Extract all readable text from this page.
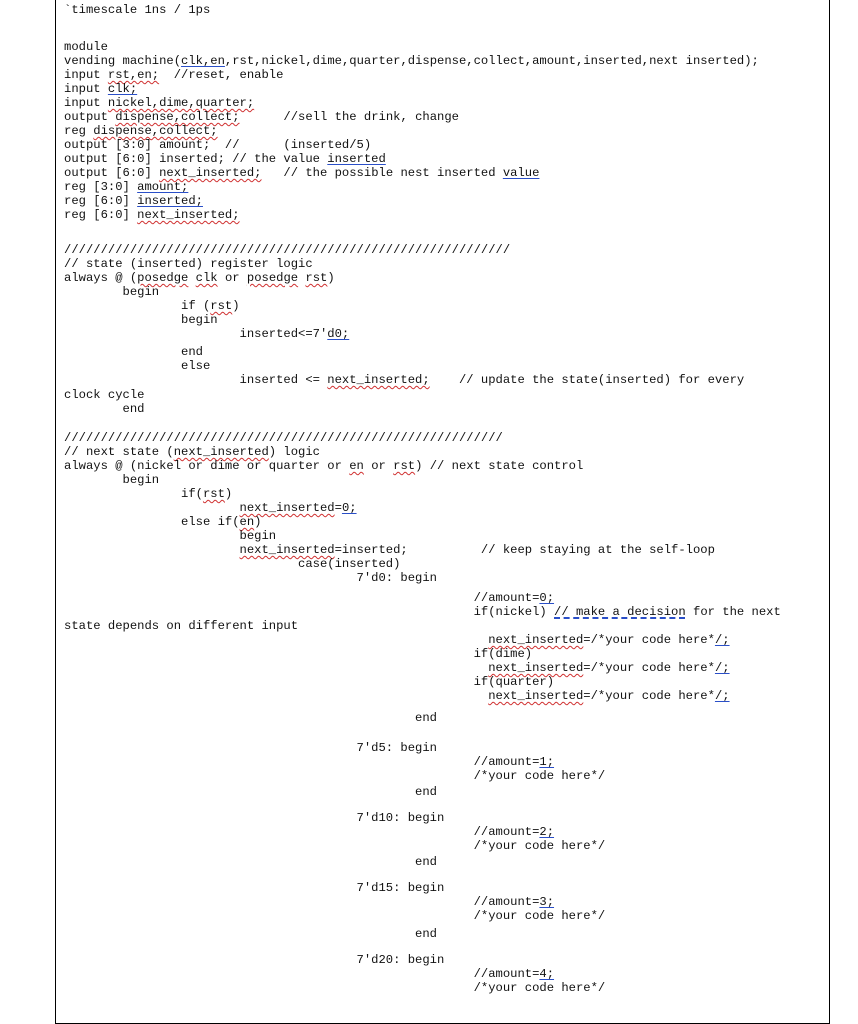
`timescale 1ns / 1ps
module
vending machine(clk,en,rst,nickel,dime,quarter,dispense,collect,amount,inserted,next inserted);
input rst,en;  //reset, enable
input clk;
input nickel,dime,quarter;
output dispense,collect;      //sell the drink, change
reg dispense,collect;
output [3:0] amount;  //      (inserted/5)
output [6:0] inserted; // the value inserted
output [6:0] next_inserted;   // the possible nest inserted value
reg [3:0] amount;
reg [6:0] inserted;
reg [6:0] next_inserted;
/////////////////////////////////////////////////////////////
// state (inserted) register logic
always @ (posedge clk or posedge rst)
begin
if (rst)
begin
inserted<=7'd0;
end
else
inserted <= next_inserted;    // update the state(inserted) for every
clock cycle
end
////////////////////////////////////////////////////////////
// next state (next_inserted) logic
always @ (nickel or dime or quarter or en or rst) // next state control
begin
if(rst)
next_inserted=0;
else if(en)
begin
next_inserted=inserted;          // keep staying at the self-loop
case(inserted)
7'd0: begin
//amount=0;
if(nickel) // make a decision for the next
state depends on different input
next_inserted=/*your code here*/;
if(dime)
next_inserted=/*your code here*/;
if(quarter)
next_inserted=/*your code here*/;
end
7'd5: begin
//amount=1;
/*your code here*/
end
7'd10: begin
//amount=2;
/*your code here*/
end
7'd15: begin
//amount=3;
/*your code here*/
end
7'd20: begin
//amount=4;
/*your code here*/
